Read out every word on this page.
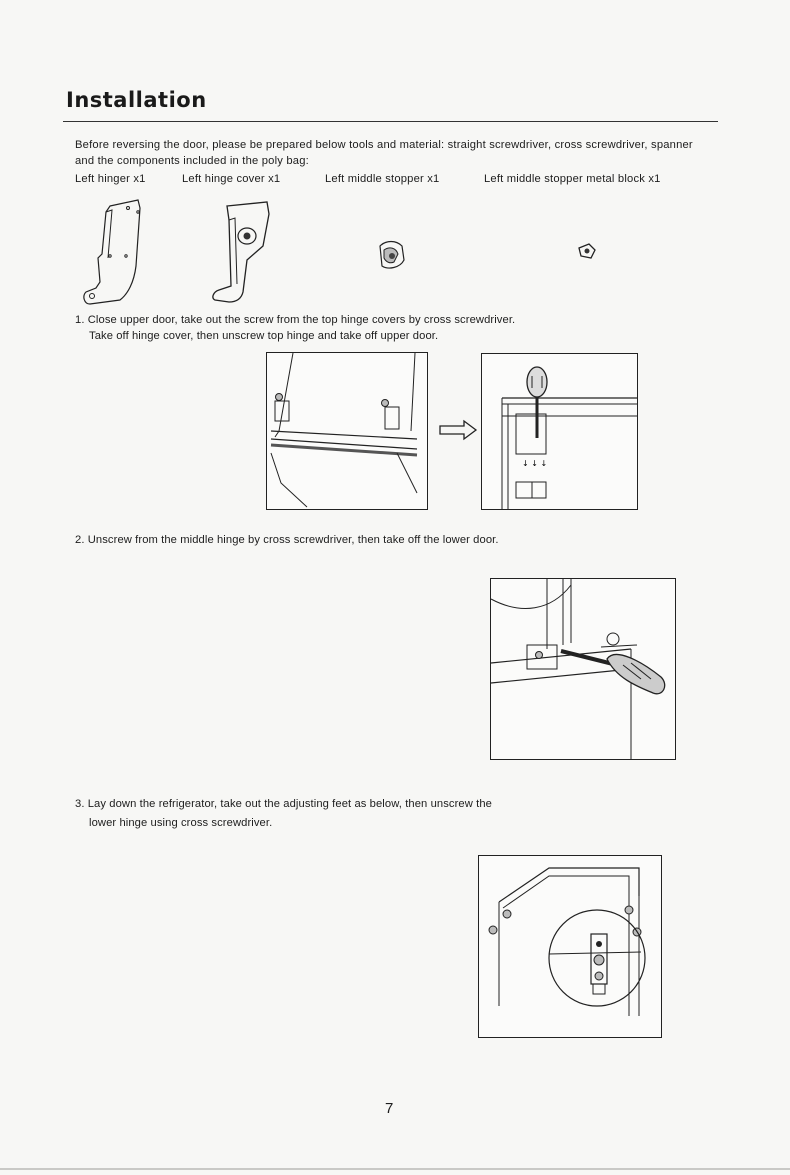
Installation
Before reversing the door, please be prepared below tools and material: straight screwdriver, cross screwdriver, spanner and the components included in the poly bag:
Left hinger x1	Left hinge cover x1	Left middle stopper x1	Left middle stopper metal block x1
1. Close upper door, take out the screw from the top hinge covers by cross screwdriver.
Take off hinge cover, then unscrew top hinge and take off upper door.
↓ ↓ ↓
2. Unscrew from the middle hinge by cross screwdriver, then take off the lower door.
3. Lay down the refrigerator, take out the adjusting feet as below, then unscrew the
lower hinge using cross screwdriver.
7
